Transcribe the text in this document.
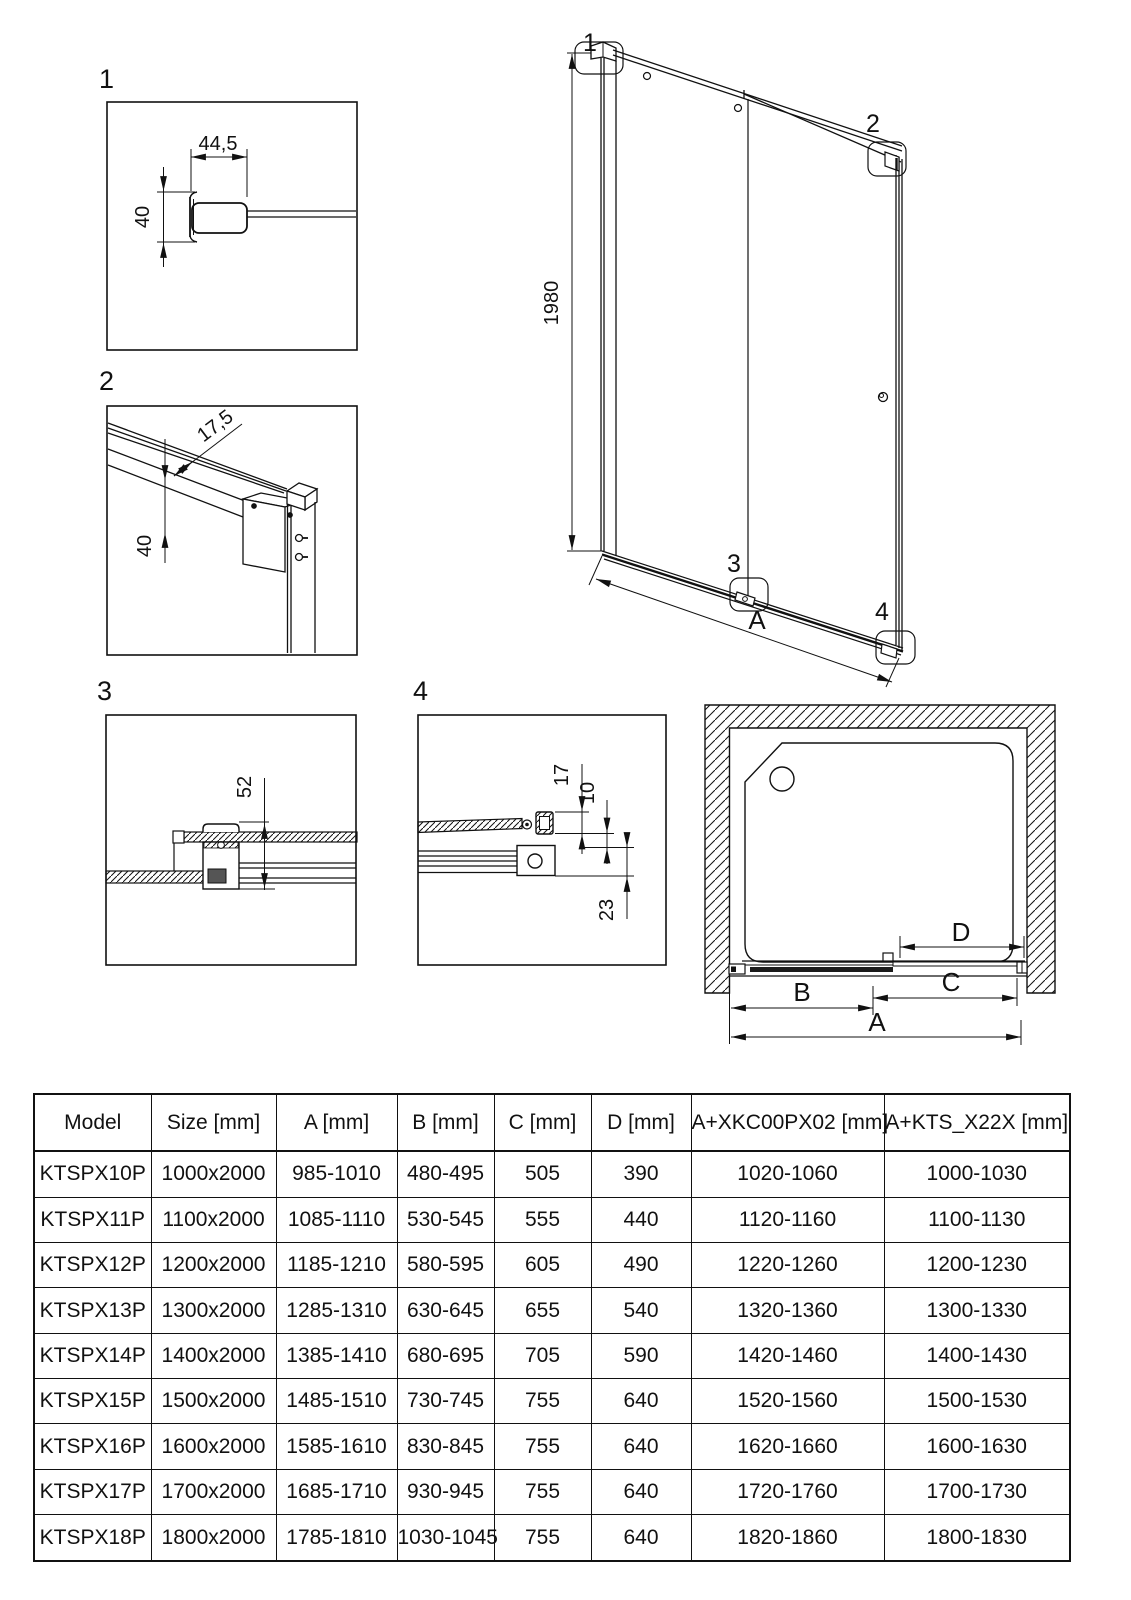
1
2
3	4
44,5
40
17,5
40
52
17
10
23
1980
1
2
3
4
A
D
C
B
A
Model	Size [mm]	A [mm]	B [mm]	C [mm]	D [mm]	A+XKC00PX02 [mm]	A+KTS_X22X [mm]
KTSPX10P	1000x2000	985-1010	480-495	505	390	1020-1060	1000-1030
KTSPX11P	1100x2000	1085-1110	530-545	555	440	1120-1160	1100-1130
KTSPX12P	1200x2000	1185-1210	580-595	605	490	1220-1260	1200-1230
KTSPX13P	1300x2000	1285-1310	630-645	655	540	1320-1360	1300-1330
KTSPX14P	1400x2000	1385-1410	680-695	705	590	1420-1460	1400-1430
KTSPX15P	1500x2000	1485-1510	730-745	755	640	1520-1560	1500-1530
KTSPX16P	1600x2000	1585-1610	830-845	755	640	1620-1660	1600-1630
KTSPX17P	1700x2000	1685-1710	930-945	755	640	1720-1760	1700-1730
KTSPX18P	1800x2000	1785-1810	1030-1045	755	640	1820-1860	1800-1830
